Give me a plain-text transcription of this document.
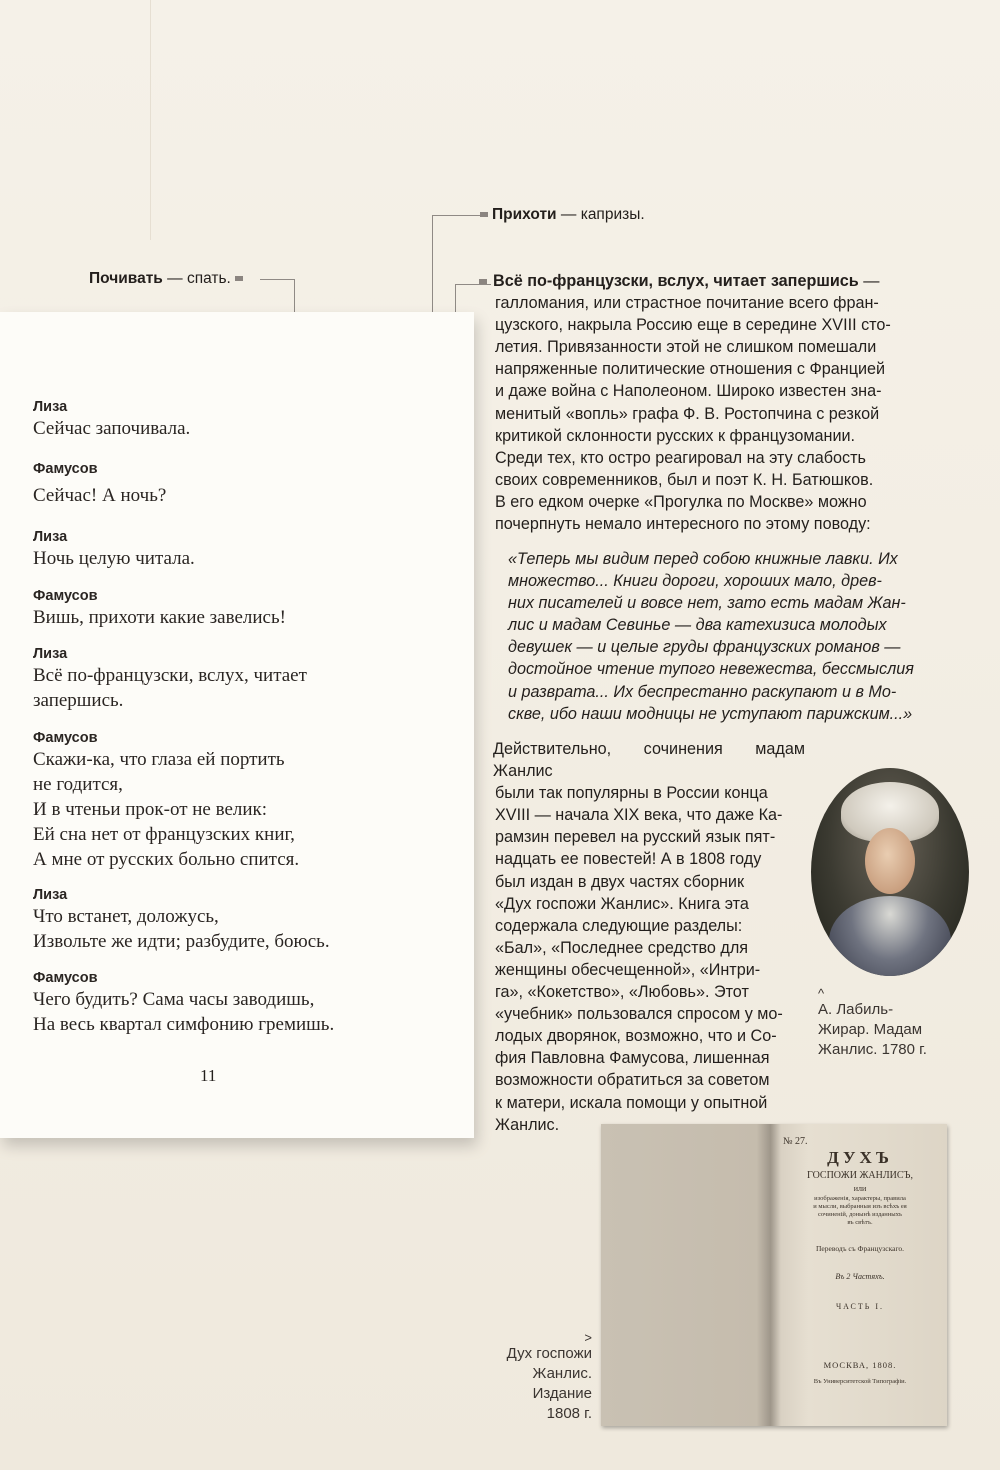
Почивать — спать.
Прихоти — капризы.
Лиза
Сейчас започивала.
Фамусов
Сейчас! А ночь?
Лиза
Ночь целую читала.
Фамусов
Вишь, прихоти какие завелись!
Лиза
Всё по-французски, вслух, читает
запершись.
Фамусов
Скажи-ка, что глаза ей портить
не годится,
И в чтеньи прок-от не велик:
Ей сна нет от французских книг,
А мне от русских больно спится.
Лиза
Что встанет, доложусь,
Извольте же идти; разбудите, боюсь.
Фамусов
Чего будить? Сама часы заводишь,
На весь квартал симфонию гремишь.
11

Всё по-французски, вслух, читает запершись —

галломания, или страстное почитание всего фран-

цузского, накрыла Россию еще в середине XVIII сто-

летия. Привязанности этой не слишком помешали

напряженные политические отношения с Францией

и даже война с Наполеоном. Широко известен зна-

менитый «вопль» графа Ф. В. Ростопчина с резкой

критикой склонности русских к французомании.

Среди тех, кто остро реагировал на эту слабость

своих современников, был и поэт К. Н. Батюшков.

В его едком очерке «Прогулка по Москве» можно

почерпнуть немало интересного по этому поводу:

«Теперь мы видим перед собою книжные лавки. Их

множество... Книги дороги, хороших мало, древ-

них писателей и вовсе нет, зато есть мадам Жан-

лис и мадам Севинье — два катехизиса молодых

девушек — и целые груды французских романов —

достойное чтение тупого невежества, бессмыслия

и разврата... Их беспрестанно раскупают и в Мо-

скве, ибо наши модницы не уступают парижским...»

Действительно, сочинения мадам Жанлис

были так популярны в России конца

XVIII — начала XIX века, что даже Ка-

рамзин перевел на русский язык пят-

надцать ее повестей! А в 1808 году

был издан в двух частях сборник

«Дух госпожи Жанлис». Книга эта

содержала следующие разделы:

«Бал», «Последнее средство для

женщины обесчещенной», «Интри-

га», «Кокетство», «Любовь». Этот

«учебник» пользовался спросом у мо-

лодых дворянок, возможно, что и Со-

фия Павловна Фамусова, лишенная

возможности обратиться за советом

к матери, искала помощи у опытной

Жанлис.

^
А. Лабиль-
Жирар. Мадам
Жанлис. 1780 г.
№ 27.
ДУХЪ
ГОСПОЖИ ЖАНЛИСЪ,
или
изображенія, характеры, правила
и мысли, выбранныя изъ всѣхъ ея
сочиненій, донынѣ изданныхъ
въ свѣтъ.
Переводъ съ Французскаго.
Въ 2 Частяхъ.
ЧАСТЬ I.
МОСКВА, 1808.
Въ Университетской Типографіи.
>
Дух госпожи
Жанлис.
Издание
1808 г.
